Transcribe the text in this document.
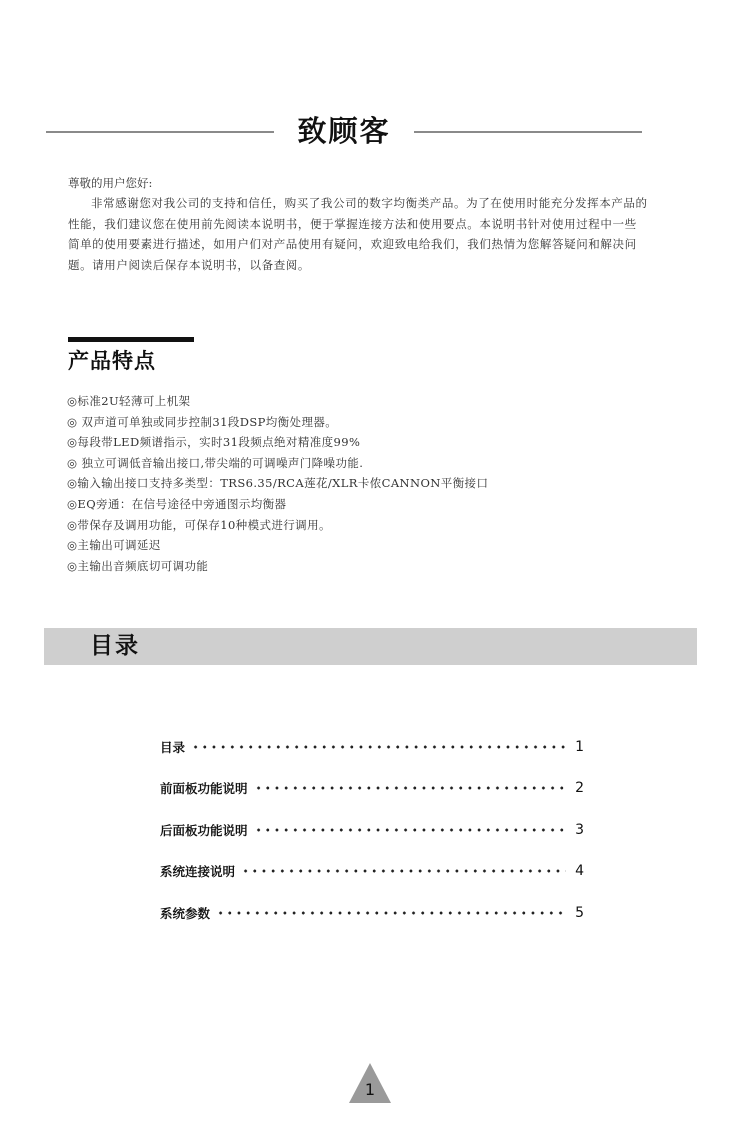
致顾客
尊敬的用户您好:

非常感谢您对我公司的支持和信任，购买了我公司的数字均衡类产品。为了在使用时能充分发挥本产品的性能，我们建议您在使用前先阅读本说明书，便于掌握连接方法和使用要点。本说明书针对使用过程中一些简单的使用要素进行描述，如用户们对产品使用有疑问，欢迎致电给我们，我们热情为您解答疑问和解决问题。请用户阅读后保存本说明书，以备查阅。

产品特点
◎标准2U轻薄可上机架
◎ 双声道可单独或同步控制31段DSP均衡处理器。
◎每段带LED频谱指示，实时31段频点绝对精准度99%
◎ 独立可调低音输出接口,带尖端的可调噪声门降噪功能.
◎输入输出接口支持多类型：TRS6.35/RCA莲花/XLR卡侬CANNON平衡接口
◎EQ旁通：在信号途径中旁通图示均衡器
◎带保存及调用功能，可保存10种模式进行调用。
◎主输出可调延迟
◎主输出音频底切可调功能
目录
目录	1
前面板功能说明	2
后面板功能说明	3
系统连接说明	4
系统参数	5
1
